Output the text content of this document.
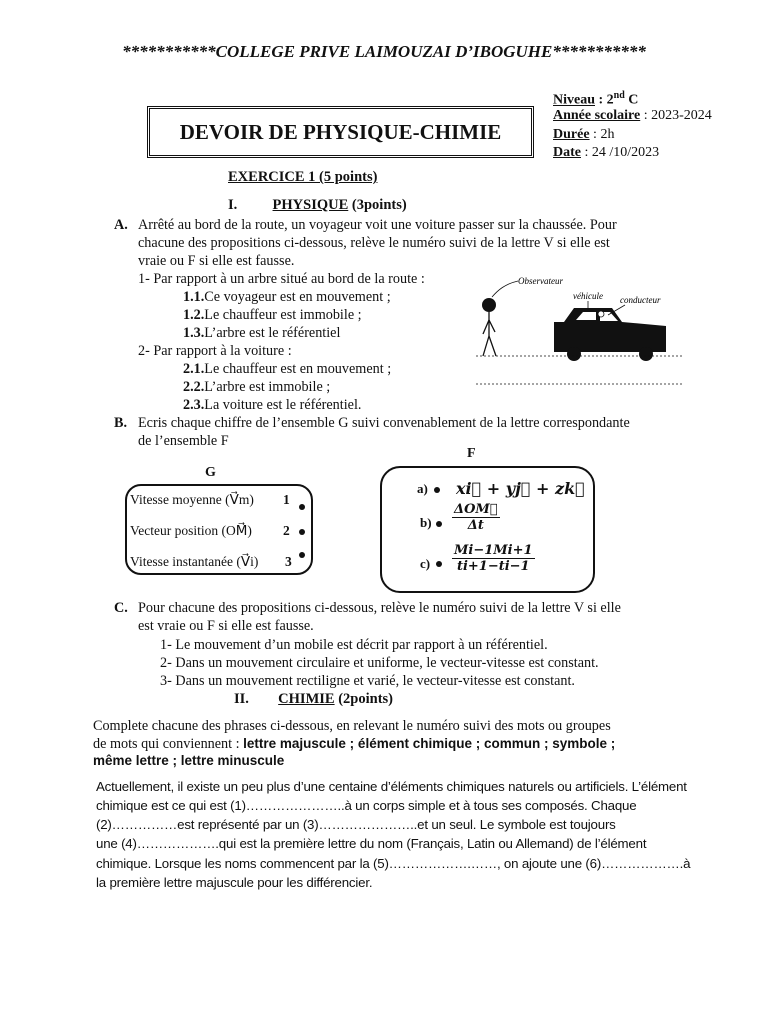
***********COLLEGE PRIVE LAIMOUZAI D’IBOGUHE***********
DEVOIR DE PHYSIQUE-CHIMIE
Niveau : 2nd C
Année scolaire : 2023-2024
Durée : 2h
Date : 24 /10/2023
EXERCICE 1 (5 points)
I. PHYSIQUE (3points)
A. Arrêté au bord de la route, un voyageur voit une voiture passer sur la chaussée. Pour
chacune des propositions ci-dessous, relève le numéro suivi de la lettre V si elle est
vraie ou F si elle est fausse.
1- Par rapport à un arbre situé au bord de la route :
1.1.Ce voyageur est en mouvement ;
1.2.Le chauffeur est immobile ;
1.3.L’arbre est le référentiel
2- Par rapport à la voiture :
2.1.Le chauffeur est en mouvement ;
2.2.L’arbre est immobile ;
2.3.La voiture est le référentiel.
Observateur
véhicule conducteur
B. Ecris chaque chiffre de l’ensemble G suivi convenablement de la lettre correspondante
de l’ensemble F
G
F
Vitesse moyenne (V⃗m) 1
Vecteur position (OM⃗) 2
Vitesse instantanée (V⃗i) 3
a) xi⃗ + yj⃗ + zk⃗
b)
ΔOM⃗
Δt
$c) \frac{Mi-1Mi+1}{ti+1-ti-1}$
C. Pour chacune des propositions ci-dessous, relève le numéro suivi de la lettre V si elle
est vraie ou F si elle est fausse.
1- Le mouvement d’un mobile est décrit par rapport à un référentiel.
2- Dans un mouvement circulaire et uniforme, le vecteur-vitesse est constant.
3- Dans un mouvement rectiligne et varié, le vecteur-vitesse est constant.
II. CHIMIE (2points)
Complete chacune des phrases ci-dessous, en relevant le numéro suivi des mots ou groupes
de mots qui conviennent : lettre majuscule ; élément chimique ; commun ; symbole ;
même lettre ; lettre minuscule
Actuellement, il existe un peu plus d’une centaine d’éléments chimiques naturels ou artificiels. L’élément
chimique est ce qui est (1)…………………..à un corps simple et à tous ses composés. Chaque
(2)……………est représenté par un (3)…………………..et un seul. Le symbole est toujours
une (4)……………….qui est la première lettre du nom (Français, Latin ou Allemand) de l’élément
chimique. Lorsque les noms commencent par la (5)……………….……, on ajoute une (6)……………….à
la première lettre majuscule pour les différencier.
